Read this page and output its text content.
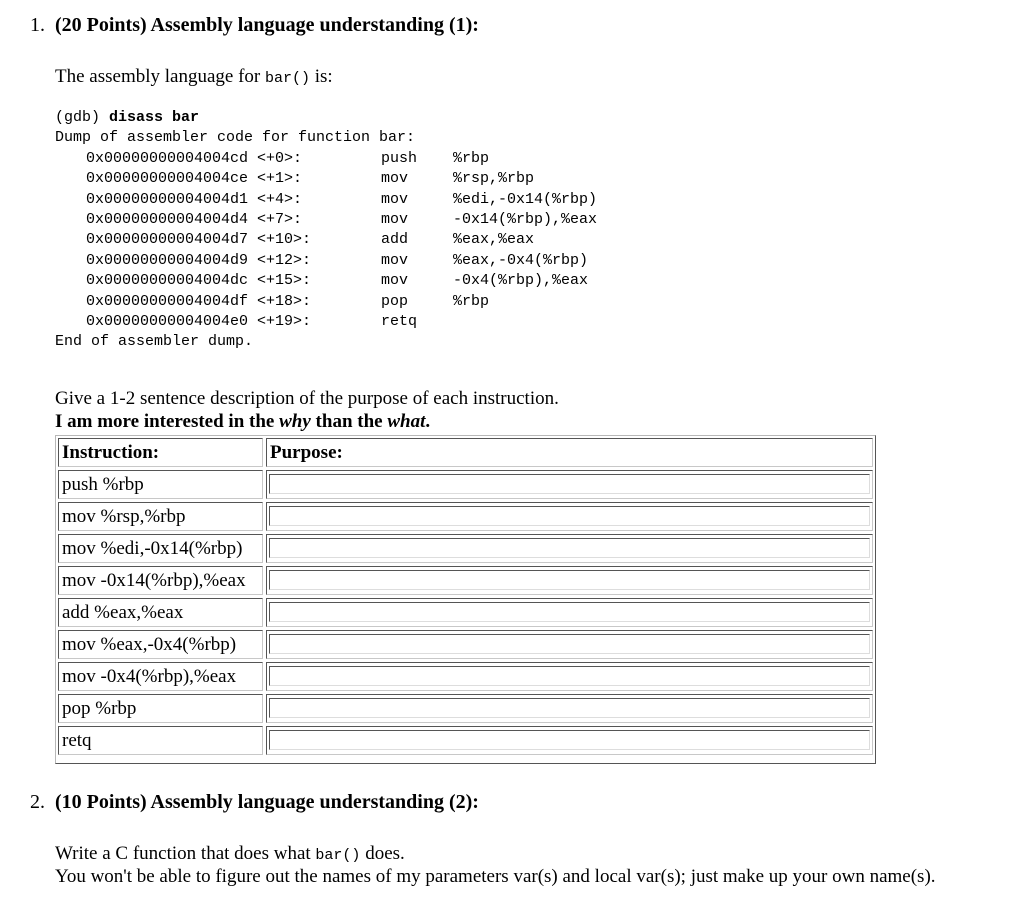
1. (20 Points) Assembly language understanding (1):
The assembly language for bar() is:
(gdb) disass bar
Dump of assembler code for function bar:
0x00000000004004cd <+0>:	push %rbp
0x00000000004004ce <+1>:	mov	%rsp,%rbp
0x00000000004004d1 <+4>:	mov	%edi,-0x14(%rbp)
0x00000000004004d4 <+7>:	mov	-0x14(%rbp),%eax
0x00000000004004d7 <+10>:	add	%eax,%eax
0x00000000004004d9 <+12>:	mov	%eax,-0x4(%rbp)
0x00000000004004dc <+15>:	mov	-0x4(%rbp),%eax
0x00000000004004df <+18>:	pop	%rbp
0x00000000004004e0 <+19>:	retq
End of assembler dump.
Give a 1-2 sentence description of the purpose of each instruction.
I am more interested in the why than the what.
Instruction:	Purpose:
push %rbp
mov %rsp,%rbp
mov %edi,-0x14(%rbp)
mov -0x14(%rbp),%eax
add %eax,%eax
mov %eax,-0x4(%rbp)
mov -0x4(%rbp),%eax
pop %rbp
retq
2. (10 Points) Assembly language understanding (2):
Write a C function that does what bar() does.
You won't be able to figure out the names of my parameters var(s) and local var(s); just make up your own name(s).
